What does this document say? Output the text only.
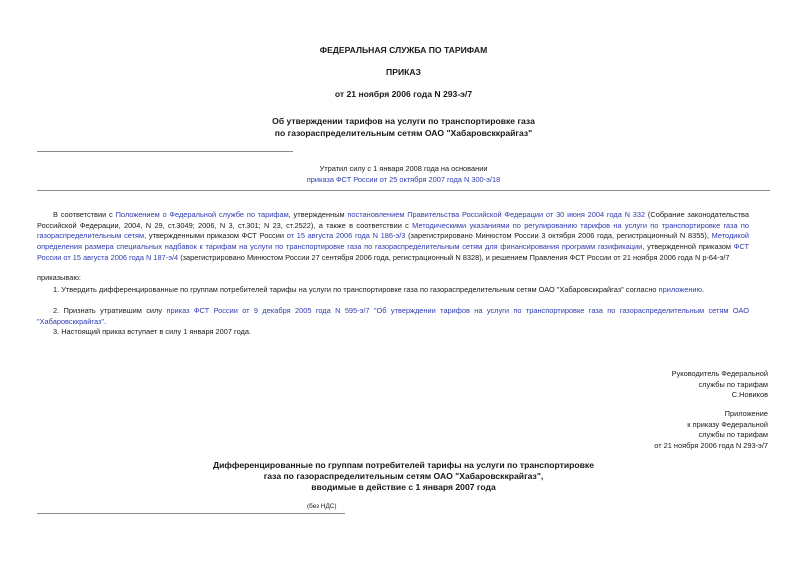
ФЕДЕРАЛЬНАЯ СЛУЖБА ПО ТАРИФАМ
ПРИКАЗ
от 21 ноября 2006 года N 293-э/7
Об утверждении тарифов на услуги по транспортировке газа
по газораспределительным сетям ОАО "Хабаровсккрайгаз"
Утратил силу с 1 января 2008 года на основании
приказа ФСТ России от 25 октября 2007 года N 300-э/18
В соответствии с Положением о Федеральной службе по тарифам, утвержденным постановлением Правительства Российской Федерации от 30 июня 2004 года N 332 (Собрание законодательства Российской Федерации, 2004, N 29, ст.3049; 2006, N 3, ст.301; N 23, ст.2522), а также в соответствии с Методическими указаниями по регулированию тарифов на услуги по транспортировке газа по газораспределительным сетям, утвержденными приказом ФСТ России от 15 августа 2006 года N 186-э/3 (зарегистрировано Минюстом России 3 октября 2006 года, регистрационный N 8355), Методикой определения размера специальных надбавок к тарифам на услуги по транспортировке газа по газораспределительным сетям для финансирования программ газификации, утвержденной приказом ФСТ России от 15 августа 2006 года N 187-э/4 (зарегистрировано Минюстом России 27 сентября 2006 года, регистрационный N 8328), и решением Правления ФСТ России от 21 ноября 2006 года N р-64-э/7
приказываю:
1. Утвердить дифференцированные по группам потребителей тарифы на услуги по транспортировке газа по газораспределительным сетям ОАО "Хабаровсккрайгаз" согласно приложению.
2. Признать утратившим силу приказ ФСТ России от 9 декабря 2005 года N 595-э/7 "Об утверждении тарифов на услуги по транспортировке газа по газораспределительным сетям ОАО "Хабаровсккрайгаз".
3. Настоящий приказ вступает в силу 1 января 2007 года.
Руководитель Федеральной
службы по тарифам
С.Новиков
Приложение
к приказу Федеральной
службы по тарифам
от 21 ноября 2006 года N 293-э/7
Дифференцированные по группам потребителей тарифы на услуги по транспортировке
газа по газораспределительным сетям ОАО "Хабаровсккрайгаз",
вводимые в действие с 1 января 2007 года
(без НДС)
